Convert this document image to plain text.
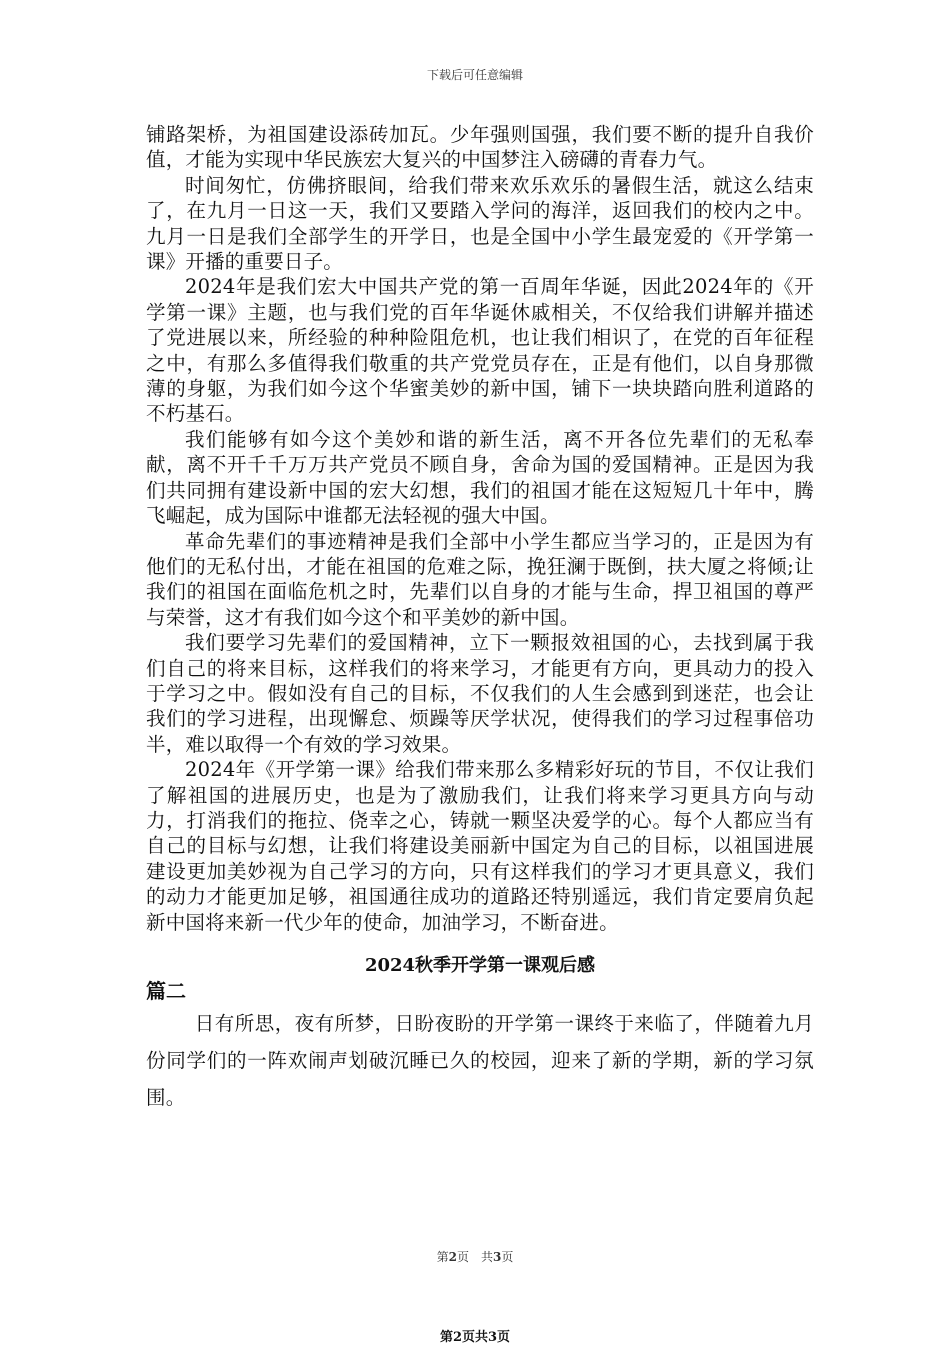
下载后可任意编辑

铺路架桥，为祖国建设添砖加瓦。少年强则国强，我们要不断的提升自我价值，才能为实现中华民族宏大复兴的中国梦注入磅礴的青春力气。

时间匆忙，仿佛挤眼间，给我们带来欢乐欢乐的暑假生活，就这么结束了，在九月一日这一天，我们又要踏入学问的海洋，返回我们的校内之中。九月一日是我们全部学生的开学日，也是全国中小学生最宠爱的《开学第一课》开播的重要日子。

2024年是我们宏大中国共产党的第一百周年华诞，因此2024年的《开学第一课》主题，也与我们党的百年华诞休戚相关，不仅给我们讲解并描述了党进展以来，所经验的种种险阻危机，也让我们相识了，在党的百年征程之中，有那么多值得我们敬重的共产党党员存在，正是有他们，以自身那微薄的身躯，为我们如今这个华蜜美妙的新中国，铺下一块块踏向胜利道路的不朽基石。

我们能够有如今这个美妙和谐的新生活，离不开各位先辈们的无私奉献，离不开千千万万共产党员不顾自身，舍命为国的爱国精神。正是因为我们共同拥有建设新中国的宏大幻想，我们的祖国才能在这短短几十年中，腾飞崛起，成为国际中谁都无法轻视的强大中国。

革命先辈们的事迹精神是我们全部中小学生都应当学习的，正是因为有他们的无私付出，才能在祖国的危难之际，挽狂澜于既倒，扶大厦之将倾;让我们的祖国在面临危机之时，先辈们以自身的才能与生命，捍卫祖国的尊严与荣誉，这才有我们如今这个和平美妙的新中国。

我们要学习先辈们的爱国精神，立下一颗报效祖国的心，去找到属于我们自己的将来目标，这样我们的将来学习，才能更有方向，更具动力的投入于学习之中。假如没有自己的目标，不仅我们的人生会感到到迷茫，也会让我们的学习进程，出现懈怠、烦躁等厌学状况，使得我们的学习过程事倍功半，难以取得一个有效的学习效果。

2024年《开学第一课》给我们带来那么多精彩好玩的节目，不仅让我们了解祖国的进展历史，也是为了激励我们，让我们将来学习更具方向与动力，打消我们的拖拉、侥幸之心，铸就一颗坚决爱学的心。每个人都应当有自己的目标与幻想，让我们将建设美丽新中国定为自己的目标，以祖国进展建设更加美妙视为自己学习的方向，只有这样我们的学习才更具意义，我们的动力才能更加足够，祖国通往成功的道路还特别遥远，我们肯定要肩负起新中国将来新一代少年的使命，加油学习，不断奋进。

2024秋季开学第一课观后感
篇二

日有所思，夜有所梦，日盼夜盼的开学第一课终于来临了，伴随着九月份同学们的一阵欢闹声划破沉睡已久的校园，迎来了新的学期，新的学习氛围。

第2页　共3页
第2页共3页
